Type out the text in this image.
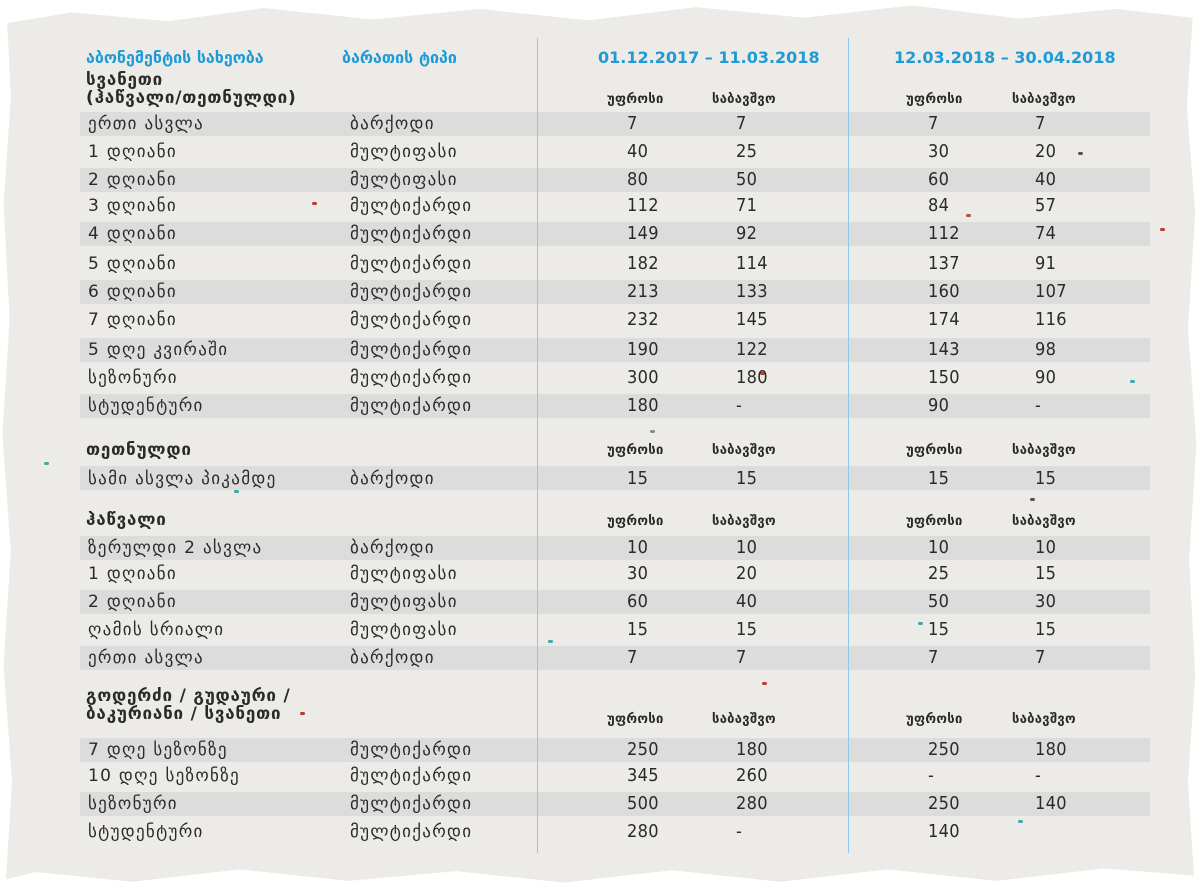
აბონემენტის სახეობა	ბარათის ტიპი	01.12.2017 – 11.03.2018	12.03.2018 – 30.04.2018
სვანეთი
(ჰაწვალი/თეთნულდი)	უფროსი	საბავშვო	უფროსი	საბავშვო
ერთი ასვლა	ბარქოდი	7	7	7	7
1 დღიანი	მულტიფასი	40	25	30	20
2 დღიანი	მულტიფასი	80	50	60	40
3 დღიანი	მულტიქარდი	112	71	84	57
4 დღიანი	მულტიქარდი	149	92	112	74
5 დღიანი	მულტიქარდი	182	114	137	91
6 დღიანი	მულტიქარდი	213	133	160	107
7 დღიანი	მულტიქარდი	232	145	174	116
5 დღე კვირაში	მულტიქარდი	190	122	143	98
სეზონური	მულტიქარდი	300	180	150	90
სტუდენტური	მულტიქარდი	180	-	90	-
თეთნულდი	უფროსი	საბავშვო	უფროსი	საბავშვო
სამი ასვლა პიკამდე	ბარქოდი	15	15	15	15
ჰაწვალი	უფროსი	საბავშვო	უფროსი	საბავშვო
ზერულდი 2 ასვლა	ბარქოდი	10	10	10	10
1 დღიანი	მულტიფასი	30	20	25	15
2 დღიანი	მულტიფასი	60	40	50	30
ღამის სრიალი	მულტიფასი	15	15	15	15
ერთი ასვლა	ბარქოდი	7	7	7	7
გოდერძი / გუდაური /
ბაკურიანი / სვანეთი	უფროსი	საბავშვო	უფროსი	საბავშვო
7 დღე სეზონზე	მულტიქარდი	250	180	250	180
10 დღე სეზონზე	მულტიქარდი	345	260	-	-
სეზონური	მულტიქარდი	500	280	250	140
სტუდენტური	მულტიქარდი	280	-	140
